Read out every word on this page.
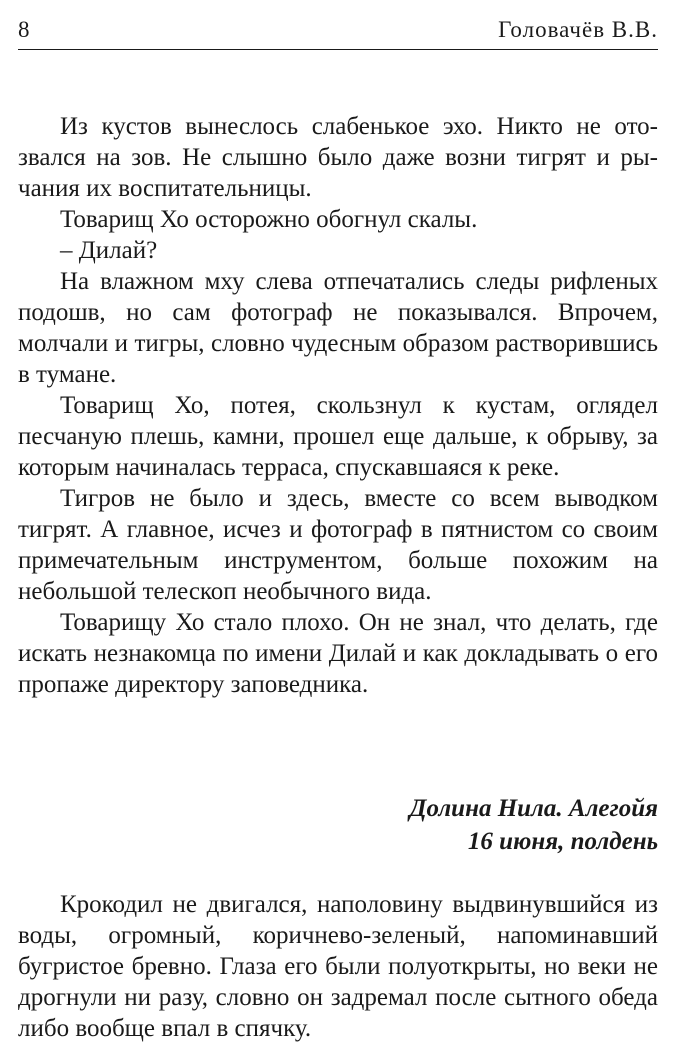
8	Головачёв В.В.

Из кустов вынеслось слабенькое эхо. Никто не отозвался на зов. Не слышно было даже возни тигрят и рычания их воспитательницы.

Товарищ Хо осторожно обогнул скалы.

– Дилай?

На влажном мху слева отпечатались следы рифленых подошв, но сам фотограф не показывался. Впрочем, молчали и тигры, словно чудесным образом растворившись в тумане.

Товарищ Хо, потея, скользнул к кустам, оглядел песчаную плешь, камни, прошел еще дальше, к обрыву, за которым начиналась терраса, спускавшаяся к реке.

Тигров не было и здесь, вместе со всем выводком тигрят. А главное, исчез и фотограф в пятнистом со своим примечательным инструментом, больше похожим на небольшой телескоп необычного вида.

Товарищу Хо стало плохо. Он не знал, что делать, где искать незнакомца по имени Дилай и как докладывать о его пропаже директору заповедника.

Долина Нила. Алегойя
16 июня, полдень

Крокодил не двигался, наполовину выдвинувшийся из воды, огромный, коричнево-зеленый, напоминавший бугристое бревно. Глаза его были полуоткрыты, но веки не дрогнули ни разу, словно он задремал после сытного обеда либо вообще впал в спячку.
